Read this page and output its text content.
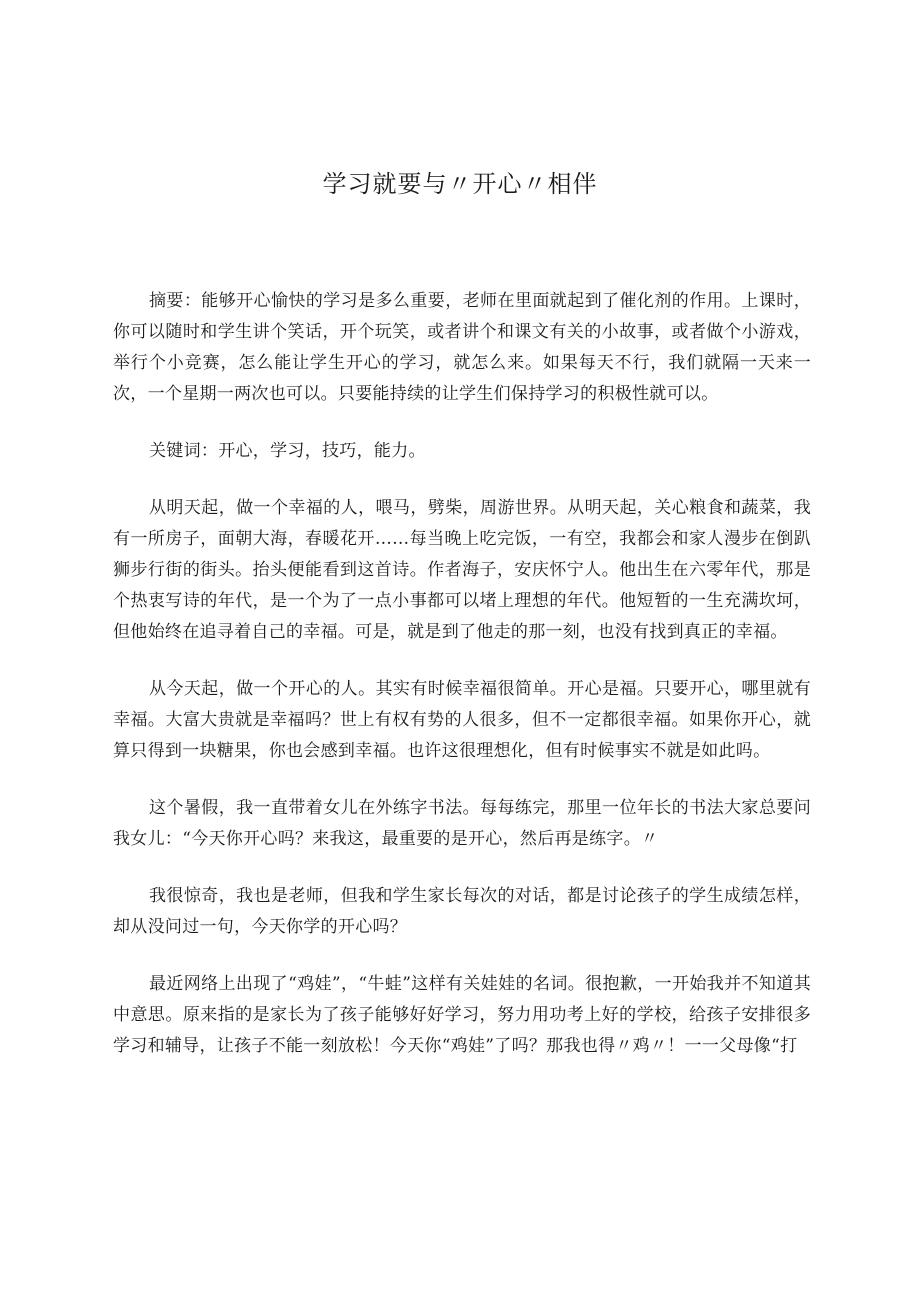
学习就要与〃开心〃相伴

摘要：能够开心愉快的学习是多么重要，老师在里面就起到了催化剂的作用。上课时，你可以随时和学生讲个笑话，开个玩笑，或者讲个和课文有关的小故事，或者做个小游戏，举行个小竞赛，怎么能让学生开心的学习，就怎么来。如果每天不行，我们就隔一天来一次，一个星期一两次也可以。只要能持续的让学生们保持学习的积极性就可以。

关键词：开心，学习，技巧，能力。

从明天起，做一个幸福的人，喂马，劈柴，周游世界。从明天起，关心粮食和蔬菜，我有一所房子，面朝大海，春暖花开……每当晚上吃完饭，一有空，我都会和家人漫步在倒趴狮步行街的街头。抬头便能看到这首诗。作者海子，安庆怀宁人。他出生在六零年代，那是个热衷写诗的年代，是一个为了一点小事都可以堵上理想的年代。他短暂的一生充满坎坷，但他始终在追寻着自己的幸福。可是，就是到了他走的那一刻，也没有找到真正的幸福。

从今天起，做一个开心的人。其实有时候幸福很简单。开心是福。只要开心，哪里就有幸福。大富大贵就是幸福吗？世上有权有势的人很多，但不一定都很幸福。如果你开心，就算只得到一块糖果，你也会感到幸福。也许这很理想化，但有时候事实不就是如此吗。

这个暑假，我一直带着女儿在外练字书法。每每练完，那里一位年长的书法大家总要问我女儿：“今天你开心吗？来我这，最重要的是开心，然后再是练字。〃

我很惊奇，我也是老师，但我和学生家长每次的对话，都是讨论孩子的学生成绩怎样，却从没问过一句，今天你学的开心吗？

最近网络上出现了“鸡娃”，“牛蛙”这样有关娃娃的名词。很抱歉，一开始我并不知道其中意思。原来指的是家长为了孩子能够好好学习，努力用功考上好的学校，给孩子安排很多学习和辅导，让孩子不能一刻放松！今天你“鸡娃”了吗？那我也得〃鸡〃！一一父母像“打
